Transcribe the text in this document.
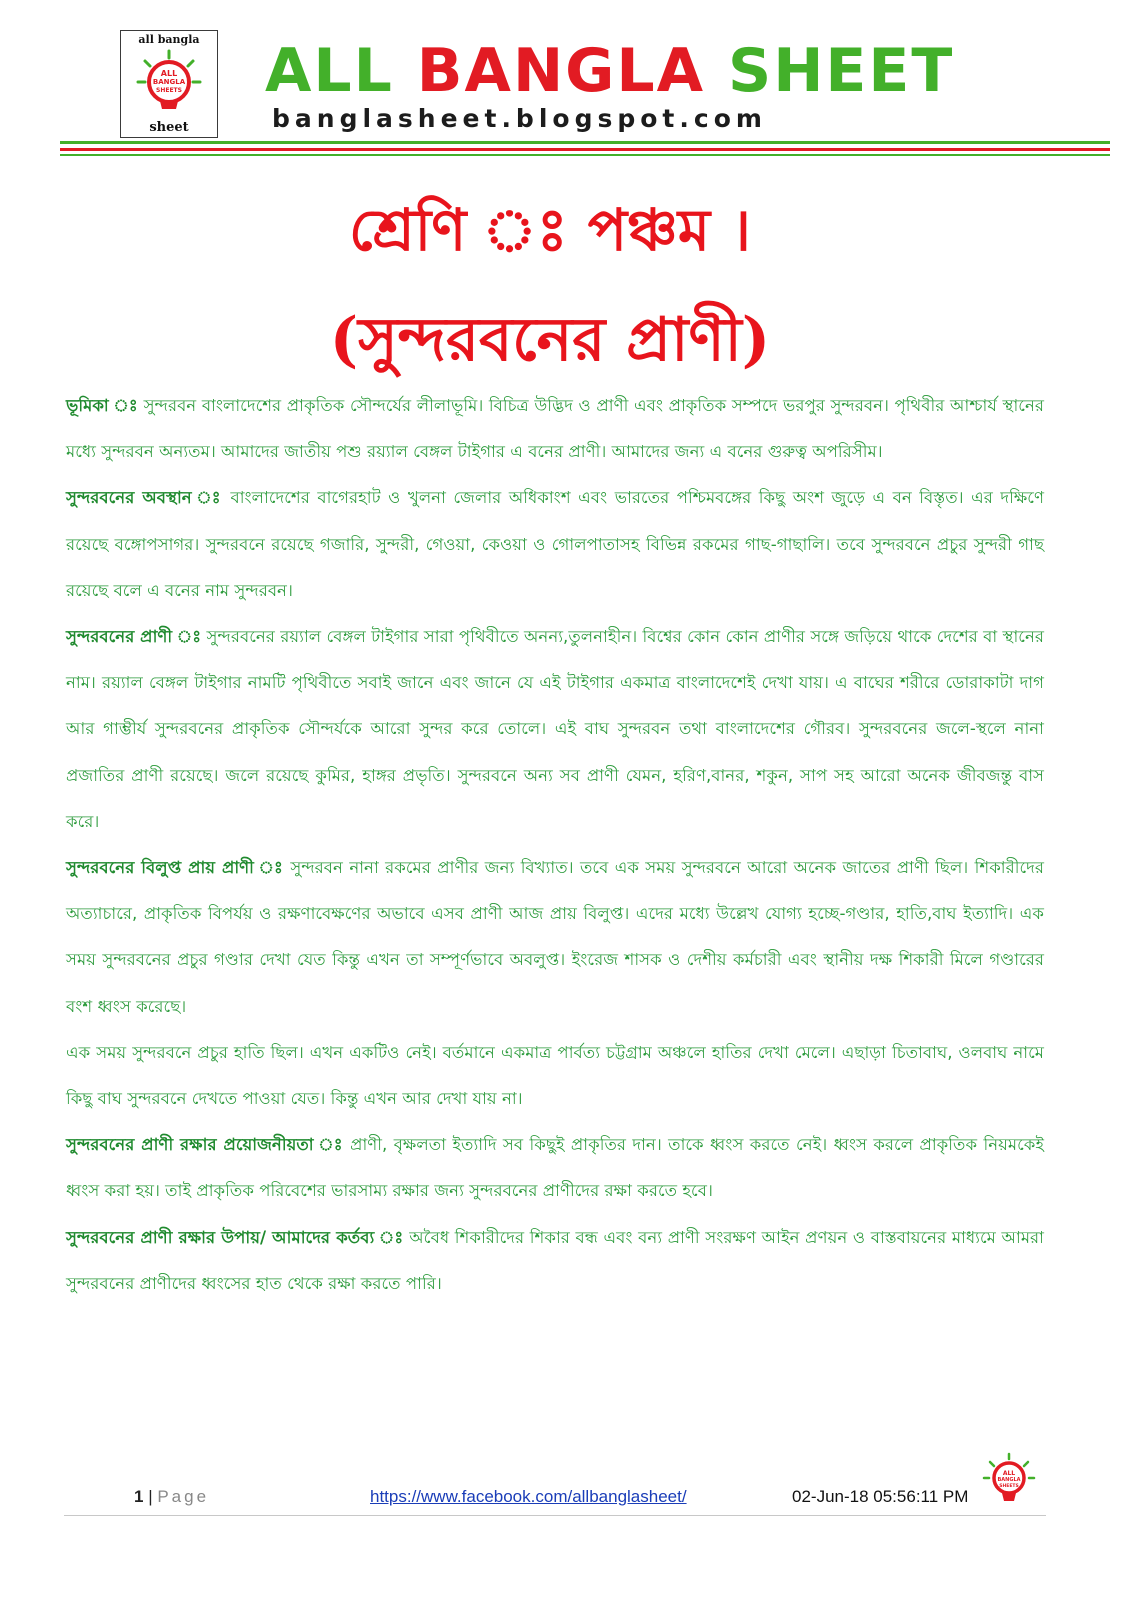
all bangla
ALL
BANGLA
SHEETS
sheet
ALL BANGLA SHEET
banglasheet.blogspot.com
শ্রেণি ঃ পঞ্চম ।
(সুন্দরবনের প্রাণী)

ভূমিকা ঃ সুন্দরবন বাংলাদেশের প্রাকৃতিক সৌন্দর্যের লীলাভূমি। বিচিত্র উদ্ভিদ ও প্রাণী এবং প্রাকৃতিক সম্পদে ভরপুর সুন্দরবন। পৃথিবীর আশ্চার্য স্থানের মধ্যে সুন্দরবন অন্যতম। আমাদের জাতীয় পশু রয়্যাল বেঙ্গল টাইগার এ বনের প্রাণী। আমাদের জন্য এ বনের গুরুত্ব অপরিসীম।

সুন্দরবনের অবস্থান ঃ বাংলাদেশের বাগেরহাট ও খুলনা জেলার অধিকাংশ এবং ভারতের পশ্চিমবঙ্গের কিছু অংশ জুড়ে এ বন বিস্তৃত। এর দক্ষিণে রয়েছে বঙ্গোপসাগর। সুন্দরবনে রয়েছে গজারি, সুন্দরী, গেওয়া, কেওয়া ও গোলপাতাসহ বিভিন্ন রকমের গাছ-গাছালি। তবে সুন্দরবনে প্রচুর সুন্দরী গাছ রয়েছে বলে এ বনের নাম সুন্দরবন।

সুন্দরবনের প্রাণী ঃ সুন্দরবনের রয়্যাল বেঙ্গল টাইগার সারা পৃথিবীতে অনন্য,তুলনাহীন। বিশ্বের কোন কোন প্রাণীর সঙ্গে জড়িয়ে থাকে দেশের বা স্থানের নাম। রয়্যাল বেঙ্গল টাইগার নামটি পৃথিবীতে সবাই জানে এবং জানে যে এই টাইগার একমাত্র বাংলাদেশেই দেখা যায়। এ বাঘের শরীরে ডোরাকাটা দাগ আর গাম্ভীর্য সুন্দরবনের প্রাকৃতিক সৌন্দর্যকে আরো সুন্দর করে তোলে। এই বাঘ সুন্দরবন তথা বাংলাদেশের গৌরব। সুন্দরবনের জলে-স্থলে নানা প্রজাতির প্রাণী রয়েছে। জলে রয়েছে কুমির, হাঙ্গর প্রভৃতি। সুন্দরবনে অন্য সব প্রাণী যেমন, হরিণ,বানর, শকুন, সাপ সহ আরো অনেক জীবজন্তু বাস করে।

সুন্দরবনের বিলুপ্ত প্রায় প্রাণী ঃ সুন্দরবন নানা রকমের প্রাণীর জন্য বিখ্যাত। তবে এক সময় সুন্দরবনে আরো অনেক জাতের প্রাণী ছিল। শিকারীদের অত্যাচারে, প্রাকৃতিক বিপর্যয় ও রক্ষণাবেক্ষণের অভাবে এসব প্রাণী আজ প্রায় বিলুপ্ত। এদের মধ্যে উল্লেখ যোগ্য হচ্ছে-গণ্ডার, হাতি,বাঘ ইত্যাদি। এক সময় সুন্দরবনের প্রচুর গণ্ডার দেখা যেত কিন্তু এখন তা সম্পূর্ণভাবে অবলুপ্ত। ইংরেজ শাসক ও দেশীয় কর্মচারী এবং স্থানীয় দক্ষ শিকারী মিলে গণ্ডারের বংশ ধ্বংস করেছে।

এক সময় সুন্দরবনে প্রচুর হাতি ছিল। এখন একটিও নেই। বর্তমানে একমাত্র পার্বত্য চট্টগ্রাম অঞ্চলে হাতির দেখা মেলে। এছাড়া চিতাবাঘ, ওলবাঘ নামে কিছু বাঘ সুন্দরবনে দেখতে পাওয়া যেত। কিন্তু এখন আর দেখা যায় না।

সুন্দরবনের প্রাণী রক্ষার প্রয়োজনীয়তা ঃ প্রাণী, বৃক্ষলতা ইত্যাদি সব কিছুই প্রাকৃতির দান। তাকে ধ্বংস করতে নেই। ধ্বংস করলে প্রাকৃতিক নিয়মকেই ধ্বংস করা হয়। তাই প্রাকৃতিক পরিবেশের ভারসাম্য রক্ষার জন্য সুন্দরবনের প্রাণীদের রক্ষা করতে হবে।

সুন্দরবনের প্রাণী রক্ষার উপায়/ আমাদের কর্তব্য ঃ অবৈধ শিকারীদের শিকার বন্ধ এবং বন্য প্রাণী সংরক্ষণ আইন প্রণয়ন ও বাস্তবায়নের মাধ্যমে আমরা সুন্দরবনের প্রাণীদের ধ্বংসের হাত থেকে রক্ষা করতে পারি।

1 | Page	https://www.facebook.com/allbanglasheet/	02-Jun-18 05:56:11 PM
ALL
BANGLA
SHEETS
